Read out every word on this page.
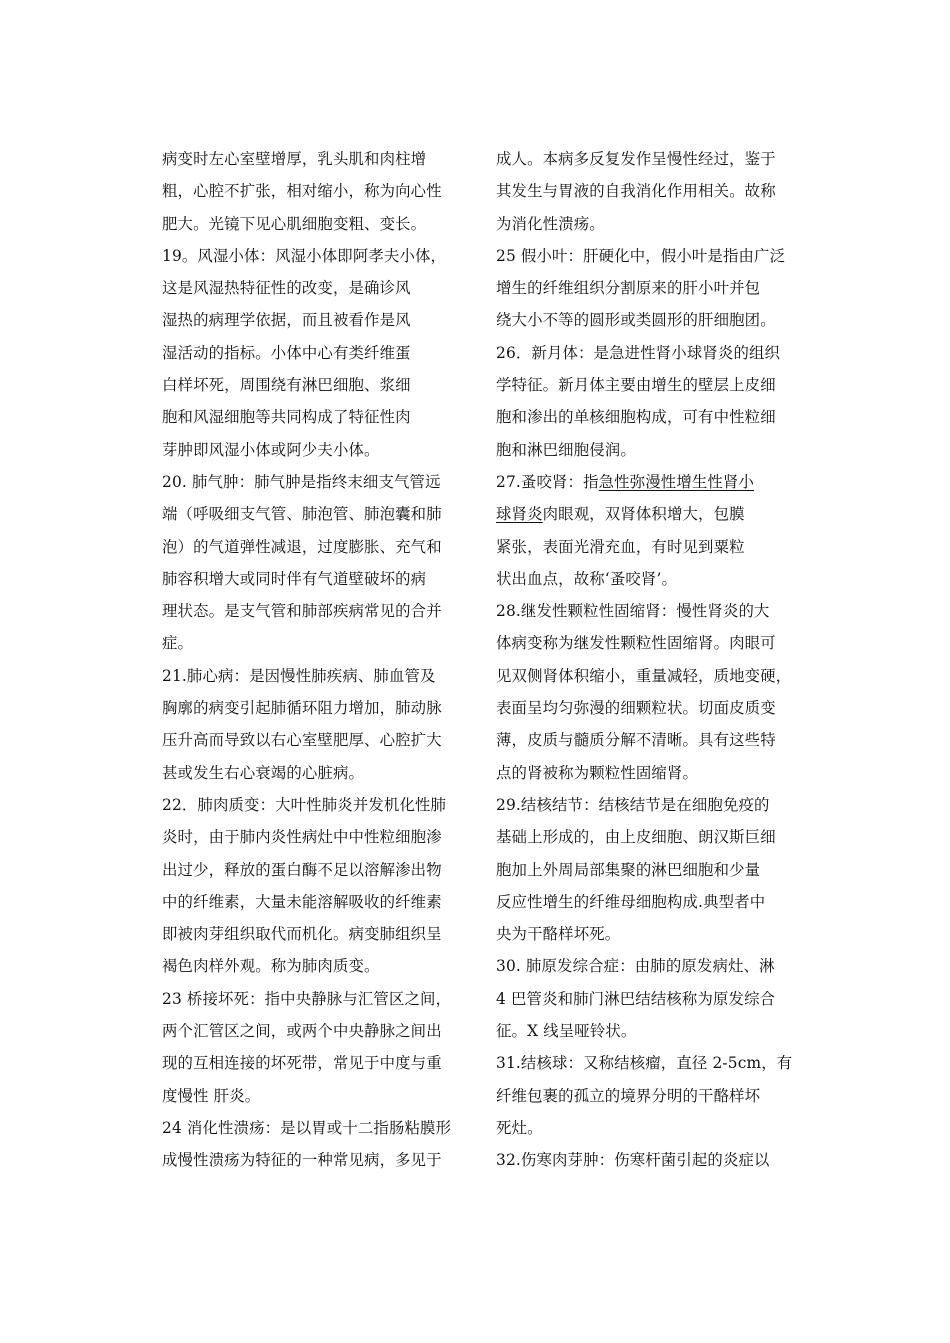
病变时左心室壁增厚，乳头肌和肉柱增
粗，心腔不扩张，相对缩小，称为向心性
肥大。光镜下见心肌细胞变粗、变长。
19。风湿小体：风湿小体即阿孝夫小体，
这是风湿热特征性的改变，是确诊风
湿热的病理学依据，而且被看作是风
湿活动的指标。小体中心有类纤维蛋
白样坏死，周围绕有淋巴细胞、浆细
胞和风湿细胞等共同构成了特征性肉
芽肿即风湿小体或阿少夫小体。
20. 肺气肿：肺气肿是指终末细支气管远
端（呼吸细支气管、肺泡管、肺泡囊和肺
泡）的气道弹性减退，过度膨胀、充气和
肺容积增大或同时伴有气道壁破坏的病
理状态。是支气管和肺部疾病常见的合并
症。
21.肺心病：是因慢性肺疾病、肺血管及
胸廓的病变引起肺循环阻力增加，肺动脉
压升高而导致以右心室壁肥厚、心腔扩大
甚或发生右心衰竭的心脏病。
22．肺肉质变：大叶性肺炎并发机化性肺
炎时，由于肺内炎性病灶中中性粒细胞渗
出过少，释放的蛋白酶不足以溶解渗出物
中的纤维素，大量未能溶解吸收的纤维素
即被肉芽组织取代而机化。病变肺组织呈
褐色肉样外观。称为肺肉质变。
23 桥接坏死：指中央静脉与汇管区之间，
两个汇管区之间，或两个中央静脉之间出
现的互相连接的坏死带，常见于中度与重
度慢性 肝炎。
24 消化性溃疡：是以胃或十二指肠粘膜形
成慢性溃疡为特征的一种常见病，多见于
成人。本病多反复发作呈慢性经过，鉴于
其发生与胃液的自我消化作用相关。故称
为消化性溃疡。
25 假小叶：肝硬化中，假小叶是指由广泛
增生的纤维组织分割原来的肝小叶并包
绕大小不等的圆形或类圆形的肝细胞团。
26．新月体：是急进性肾小球肾炎的组织
学特征。新月体主要由增生的壁层上皮细
胞和渗出的单核细胞构成，可有中性粒细
胞和淋巴细胞侵润。
27.蚤咬肾：指急性弥漫性增生性肾小
球肾炎肉眼观，双肾体积增大，包膜
紧张，表面光滑充血，有时见到粟粒
状出血点，故称‘蚤咬肾’。
28.继发性颗粒性固缩肾：慢性肾炎的大
体病变称为继发性颗粒性固缩肾。肉眼可
见双侧肾体积缩小，重量减轻，质地变硬，
表面呈均匀弥漫的细颗粒状。切面皮质变
薄，皮质与髓质分解不清晰。具有这些特
点的肾被称为颗粒性固缩肾。
29.结核结节：结核结节是在细胞免疫的
基础上形成的，由上皮细胞、朗汉斯巨细
胞加上外周局部集聚的淋巴细胞和少量
反应性增生的纤维母细胞构成.典型者中
央为干酪样坏死。
30. 肺原发综合症：由肺的原发病灶、淋
4 巴管炎和肺门淋巴结结核称为原发综合
征。X 线呈哑铃状。
31.结核球：又称结核瘤，直径 2-5cm，有
纤维包裹的孤立的境界分明的干酪样坏
死灶。
32.伤寒肉芽肿：伤寒杆菌引起的炎症以
